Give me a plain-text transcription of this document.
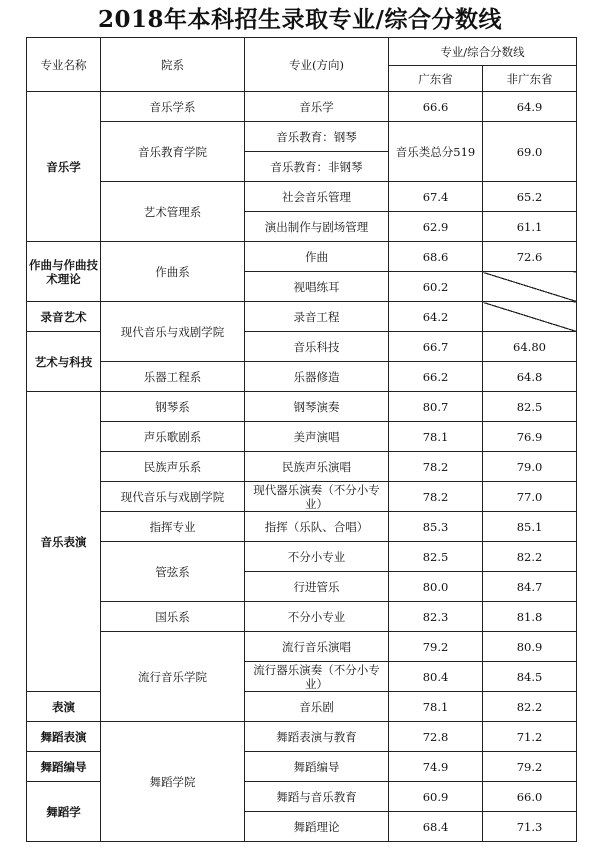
2018年本科招生录取专业/综合分数线
专业名称	院系	专业(方向)	专业/综合分数线	
			广东省	非广东省
音乐学	音乐学系	音乐学	66.6	64.9
	音乐教育学院	音乐教育：钢琴	音乐类总分519	69.0
		音乐教育：非钢琴		
	艺术管理系	社会音乐管理	67.4	65.2
		演出制作与剧场管理	62.9	61.1
作曲与作曲技术理论	作曲系	作曲	68.6	72.6
		视唱练耳	60.2	
录音艺术	现代音乐与戏剧学院	录音工程	64.2	
艺术与科技		音乐科技	66.7	64.80
	乐器工程系	乐器修造	66.2	64.8
音乐表演	钢琴系	钢琴演奏	80.7	82.5
	声乐歌剧系	美声演唱	78.1	76.9
	民族声乐系	民族声乐演唱	78.2	79.0
	现代音乐与戏剧学院	现代器乐演奏（不分小专业）	78.2	77.0
	指挥专业	指挥（乐队、合唱）	85.3	85.1
	管弦系	不分小专业	82.5	82.2
		行进管乐	80.0	84.7
	国乐系	不分小专业	82.3	81.8
	流行音乐学院	流行音乐演唱	79.2	80.9
		流行器乐演奏（不分小专业）	80.4	84.5
表演		音乐剧	78.1	82.2
舞蹈表演	舞蹈学院	舞蹈表演与教育	72.8	71.2
舞蹈编导		舞蹈编导	74.9	79.2
舞蹈学		舞蹈与音乐教育	60.9	66.0
		舞蹈理论	68.4	71.3
